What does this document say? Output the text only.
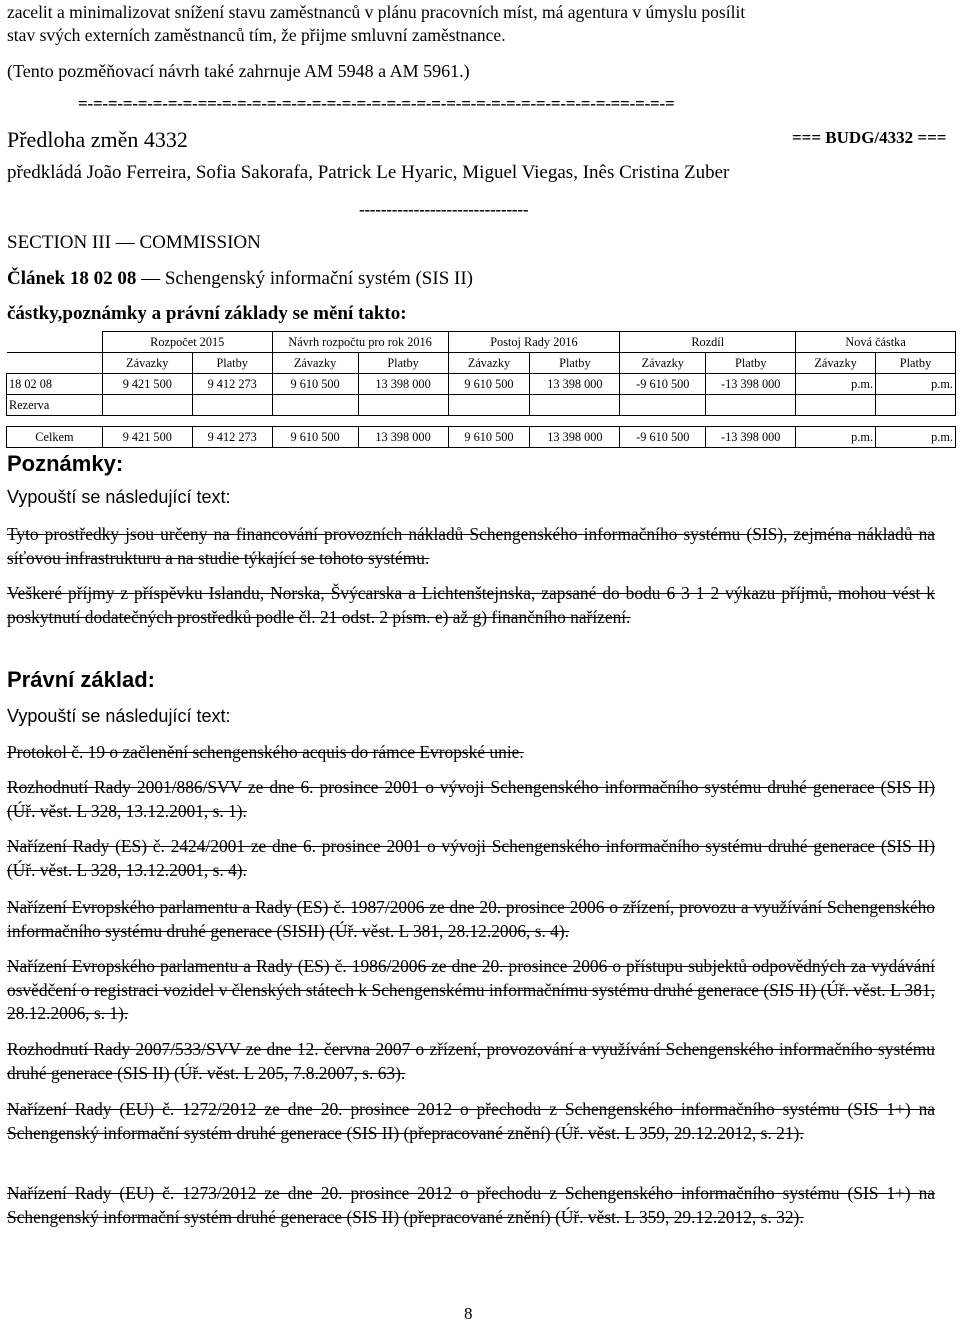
zacelit a minimalizovat snížení stavu zaměstnanců v plánu pracovních míst, má agentura v úmyslu posílit
stav svých externích zaměstnanců tím, že přijme smluvní zaměstnance.
(Tento pozměňovací návrh také zahrnuje AM 5948 a AM 5961.)
=-=-=-=-=-=-=-=-==-=-=-=-=-=-=-=-=-=-=-=-=-=-=-=-=-=-=-=-=-=-=-=-=-=-=-==-=-=-=
Předloha změn 4332	=== BUDG/4332 ===
předkládá João Ferreira, Sofia Sakorafa, Patrick Le Hyaric, Miguel Viegas, Inês Cristina Zuber
-------------------------------
SECTION III — COMMISSION
Článek 18 02 08 — Schengenský informační systém (SIS II)
částky,poznámky a právní základy se mění takto:
	Rozpočet 2015		Návrh rozpočtu pro rok 2016		Postoj Rady 2016		Rozdíl		Nová částka	
	Závazky	Platby	Závazky	Platby	Závazky	Platby	Závazky	Platby	Závazky	Platby
18 02 08	9 421 500	9 412 273	9 610 500	13 398 000	9 610 500	13 398 000	-9 610 500	-13 398 000	p.m.	p.m.
Rezerva										

Celkem	9 421 500	9 412 273	9 610 500	13 398 000	9 610 500	13 398 000	-9 610 500	-13 398 000	p.m.	p.m.
Poznámky:
Vypouští se následující text:
Tyto prostředky jsou určeny na financování provozních nákladů Schengenského informačního systému (SIS), zejména nákladů na síťovou infrastrukturu a na studie týkající se tohoto systému.
Veškeré příjmy z příspěvku Islandu, Norska, Švýcarska a Lichtenštejnska, zapsané do bodu 6 3 1 2 výkazu příjmů, mohou vést k poskytnutí dodatečných prostředků podle čl. 21 odst. 2 písm. e) až g) finančního nařízení.
Právní základ:
Vypouští se následující text:
Protokol č. 19 o začlenění schengenského acquis do rámce Evropské unie.
Rozhodnutí Rady 2001/886/SVV ze dne 6. prosince 2001 o vývoji Schengenského informačního systému druhé generace (SIS II) (Úř. věst. L 328, 13.12.2001, s. 1).
Nařízení Rady (ES) č. 2424/2001 ze dne 6. prosince 2001 o vývoji Schengenského informačního systému druhé generace (SIS II) (Úř. věst. L 328, 13.12.2001, s. 4).
Nařízení Evropského parlamentu a Rady (ES) č. 1987/2006 ze dne 20. prosince 2006 o zřízení, provozu a využívání Schengenského informačního systému druhé generace (SISII) (Úř. věst. L 381, 28.12.2006, s. 4).
Nařízení Evropského parlamentu a Rady (ES) č. 1986/2006 ze dne 20. prosince 2006 o přístupu subjektů odpovědných za vydávání osvědčení o registraci vozidel v členských státech k Schengenskému informačnímu systému druhé generace (SIS II) (Úř. věst. L 381, 28.12.2006, s. 1).
Rozhodnutí Rady 2007/533/SVV ze dne 12. června 2007 o zřízení, provozování a využívání Schengenského informačního systému druhé generace (SIS II) (Úř. věst. L 205, 7.8.2007, s. 63).
Nařízení Rady (EU) č. 1272/2012 ze dne 20. prosince 2012 o přechodu z Schengenského informačního systému (SIS 1+) na Schengenský informační systém druhé generace (SIS II) (přepracované znění) (Úř. věst. L 359, 29.12.2012, s. 21).
Nařízení Rady (EU) č. 1273/2012 ze dne 20. prosince 2012 o přechodu z Schengenského informačního systému (SIS 1+) na Schengenský informační systém druhé generace (SIS II) (přepracované znění) (Úř. věst. L 359, 29.12.2012, s. 32).
8
